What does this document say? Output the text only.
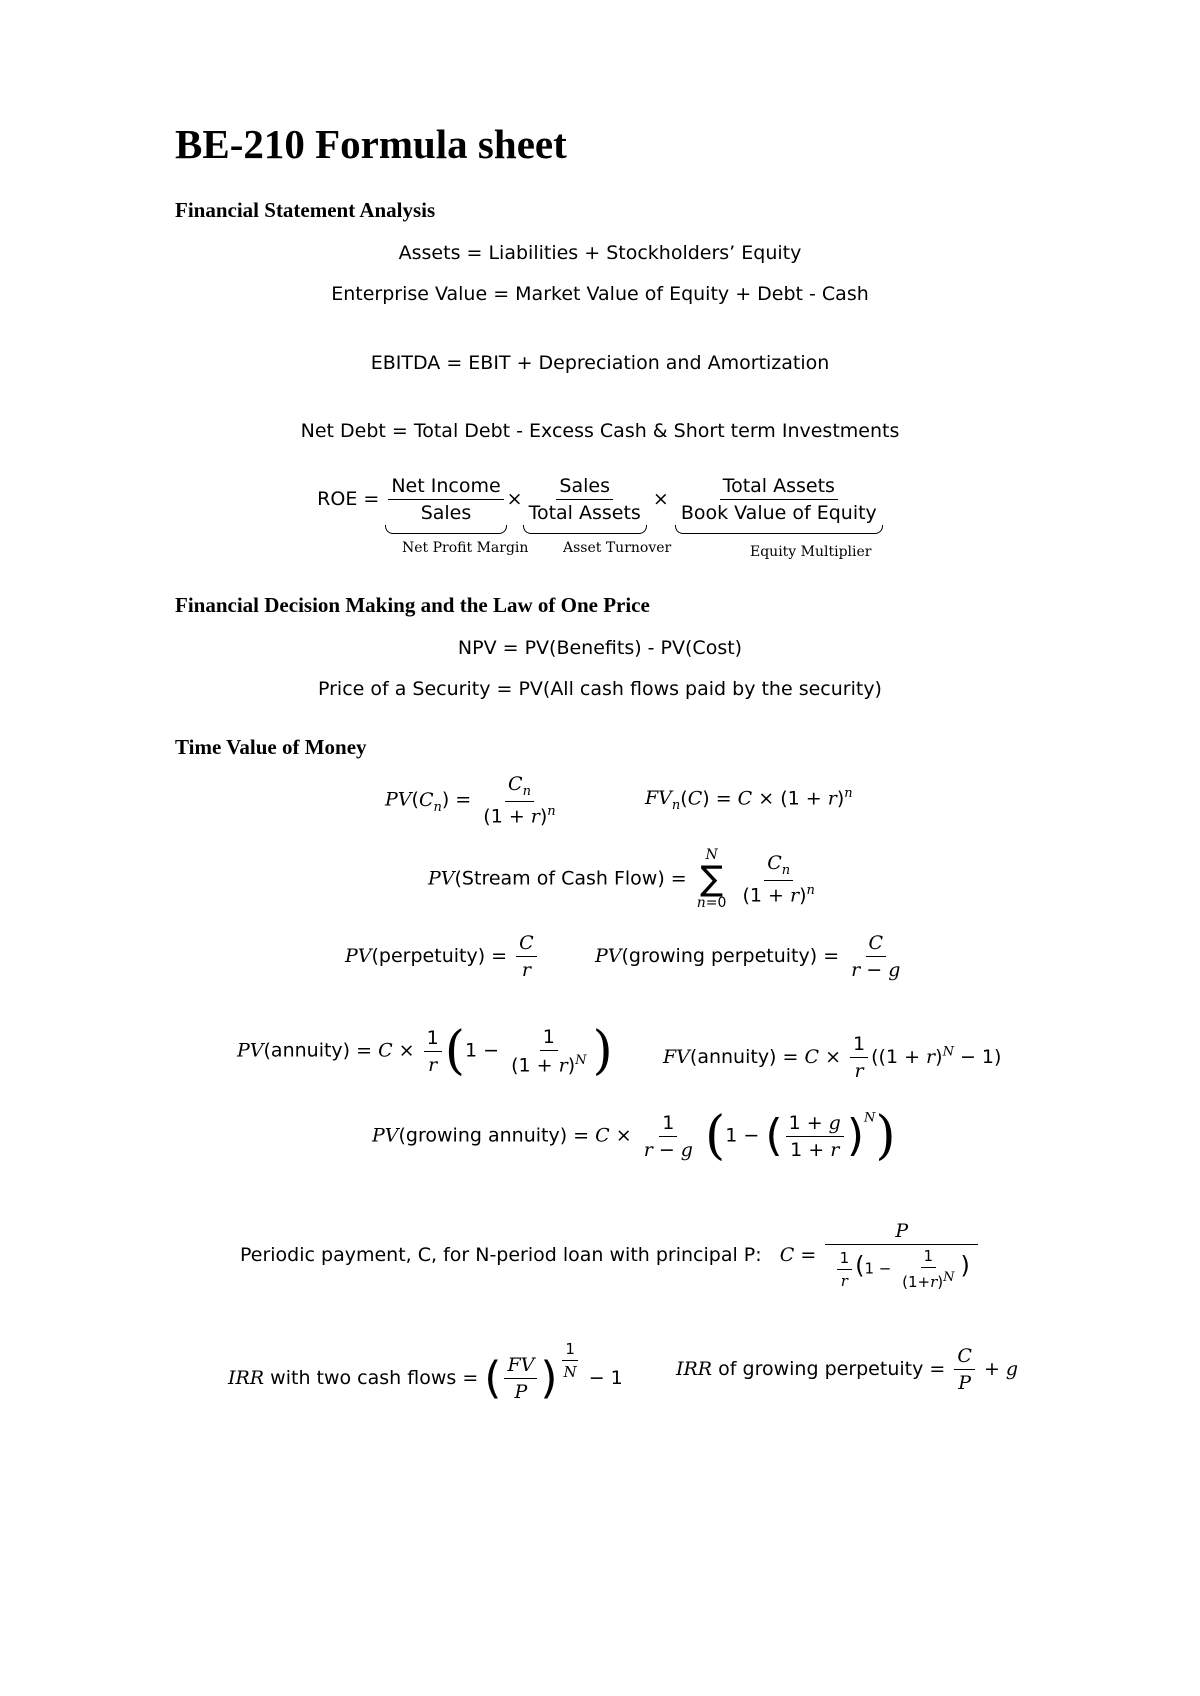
BE-210 Formula sheet
Financial Statement Analysis
Assets = Liabilities + Stockholders’ Equity
Enterprise Value = Market Value of Equity + Debt - Cash
EBITDA = EBIT + Depreciation and Amortization
Net Debt = Total Debt - Excess Cash & Short term Investments
ROE = $\frac{\text{Net Income}}{\text{Sales}} \times \frac{\text{Sales}}{\text{Total Assets}} \times \frac{\text{Total Assets}}{\text{Book Value of Equity}}$
Net Profit Margin Asset Turnover	Equity Multiplier
Financial Decision Making and the Law of One Price
NPV = PV(Benefits) - PV(Cost)
Price of a Security = PV(All cash flows paid by the security)
Time Value of Money
$PV(C_n) = \frac{C_n}{(1 + r)^n}$	$FV_n(C) = C \times (1 + r)^n$
PV(Stream of Cash Flow) =
N
∑
n=0
$\frac{C_n}{(1 + r)^n}$
PV(perpetuity) = $\frac{C}{r}$	PV(growing perpetuity) = $\frac{C}{r - g}$
PV(annuity) = $C \times \frac{1}{r} (1 - \frac{1}{(1 + r)^N}$ )	FV(annuity) = $C \times \frac{1}{r} ((1 + r)^N - 1)$
PV(growing annuity) = $C \times \frac{1}{r - g} (1$ − ( $\frac{1 + g}{1 + r} )^N$)
Periodic payment, C, for N-period loan with principal P: $C = \frac{P}{\frac{1}{r} (1 - \frac{1}{(1+r)N} )}$
IRR with two cash flows = ( $\frac{FV}{P}$ ) $^{\frac{1}{N}}$ − 1	IRR of growing perpetuity = $\frac{C}{P} + g$
